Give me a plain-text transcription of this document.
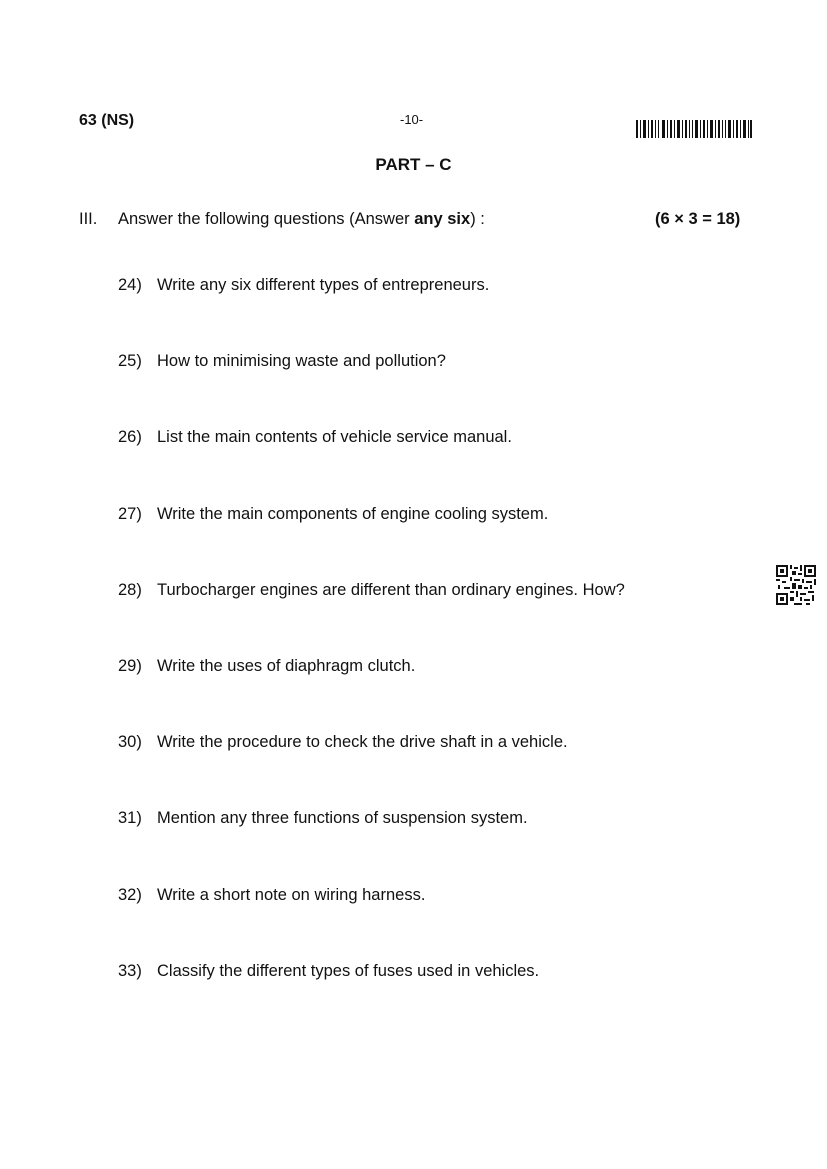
63 (NS)	-10-
PART – C
III. Answer the following questions (Answer any six) :	(6 × 3 = 18)
24) Write any six different types of entrepreneurs.
25) How to minimising waste and pollution?
26) List the main contents of vehicle service manual.
27) Write the main components of engine cooling system.
28) Turbocharger engines are different than ordinary engines. How?
29) Write the uses of diaphragm clutch.
30) Write the procedure to check the drive shaft in a vehicle.
31) Mention any three functions of suspension system.
32) Write a short note on wiring harness.
33) Classify the different types of fuses used in vehicles.
